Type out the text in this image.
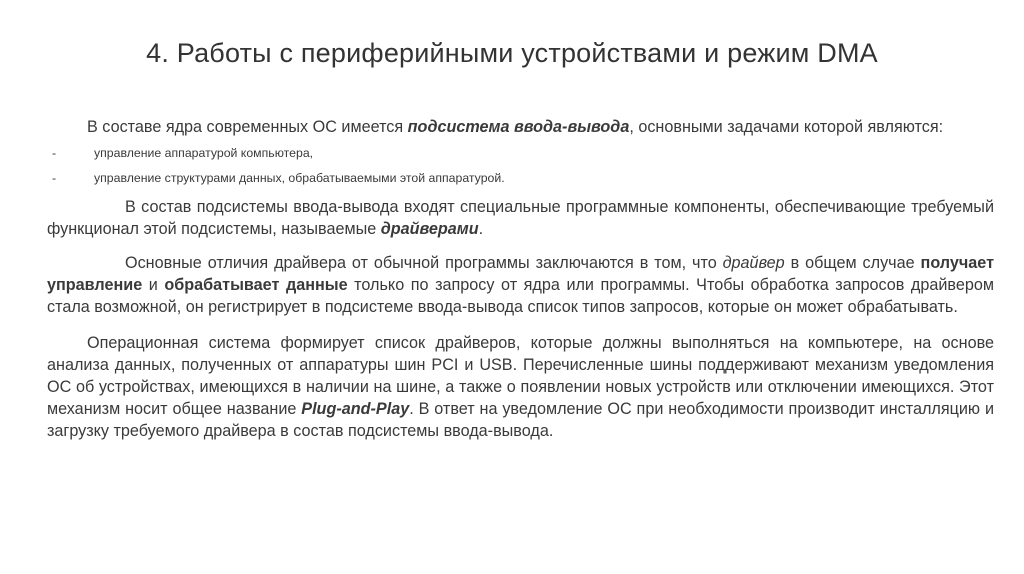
4. Работы с периферийными устройствами и режим DMA

В составе ядра современных ОС имеется подсистема ввода-вывода, основными задачами которой являются:

-	управление аппаратурой компьютера,
-	управление структурами данных, обрабатываемыми этой аппаратурой.

В состав подсистемы ввода-вывода входят специальные программные компоненты, обеспечивающие требуемый функционал этой подсистемы, называемые драйверами.

Основные отличия драйвера от обычной программы заключаются в том, что драйвер в общем случае получает управление и обрабатывает данные только по запросу от ядра или программы. Чтобы обработка запросов драйвером стала возможной, он регистрирует в подсистеме ввода-вывода список типов запросов, которые он может обрабатывать.

Операционная система формирует список драйверов, которые должны выполняться на компьютере, на основе анализа данных, полученных от аппаратуры шин PCI и USB. Перечисленные шины поддерживают механизм уведомления ОС об устройствах, имеющихся в наличии на шине, а также о появлении новых устройств или отключении имеющихся. Этот механизм носит общее название Plug-and-Play. В ответ на уведомление ОС при необходимости производит инсталляцию и загрузку требуемого драйвера в состав подсистемы ввода-вывода.
